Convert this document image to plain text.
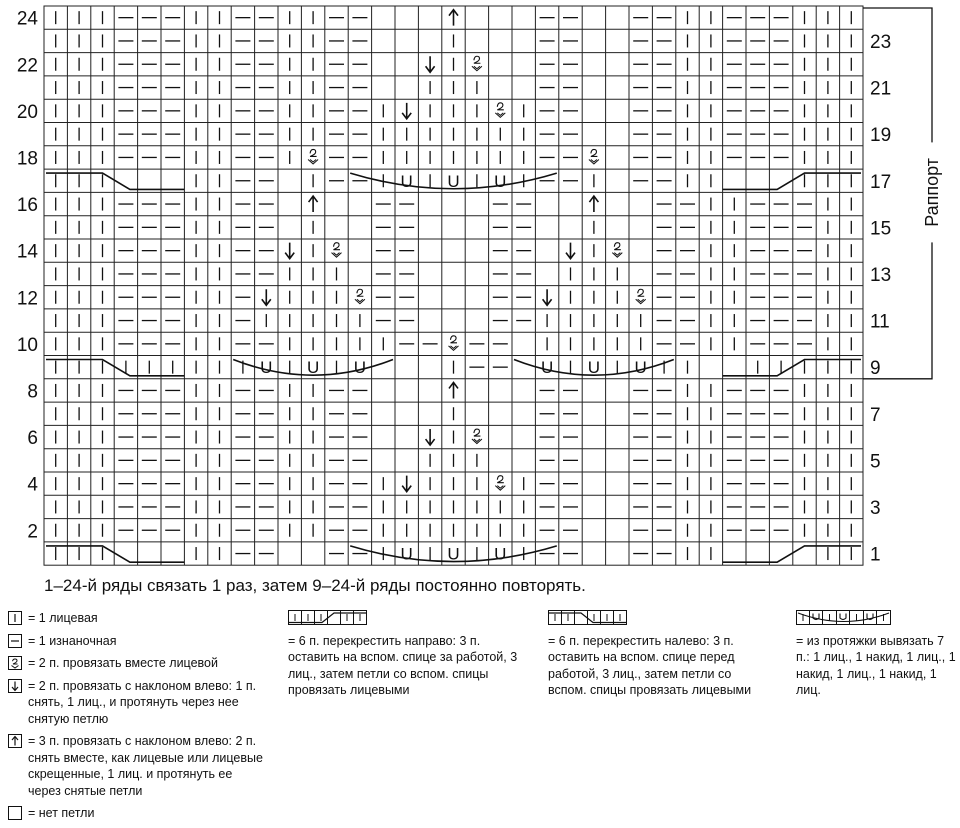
U U U
U U U	U U U
U U U
24
22
20
18
16
14
12
10
8
6
4
2
23
21
19
17
15
13
11
9
7
5
3
1
Раппорт
1–24-й ряды связать 1 раз, затем 9–24-й ряды постоянно повторять.
= 1 лицевая
= 1 изнаночная
= 2 п. провязать вместе лицевой
= 2 п. провязать с наклоном влево: 1 п. снять, 1 лиц., и протянуть через нее снятую петлю
= 3 п. провязать с наклоном влево: 2 п. снять вместе, как лицевые или лицевые скрещенные, 1 лиц. и протянуть ее через снятые петли
= нет петли
= 6 п. перекрестить направо: 3 п. оставить на вспом. спице за работой, 3 лиц., затем петли со вспом. спицы провязать лицевыми
= 6 п. перекрестить налево: 3 п. оставить на вспом. спице перед работой, 3 лиц., затем петли со вспом. спицы провязать лицевыми
= из протяжки вывязать 7 п.: 1 лиц., 1 накид, 1 лиц., 1 накид, 1 лиц., 1 накид, 1 лиц.
